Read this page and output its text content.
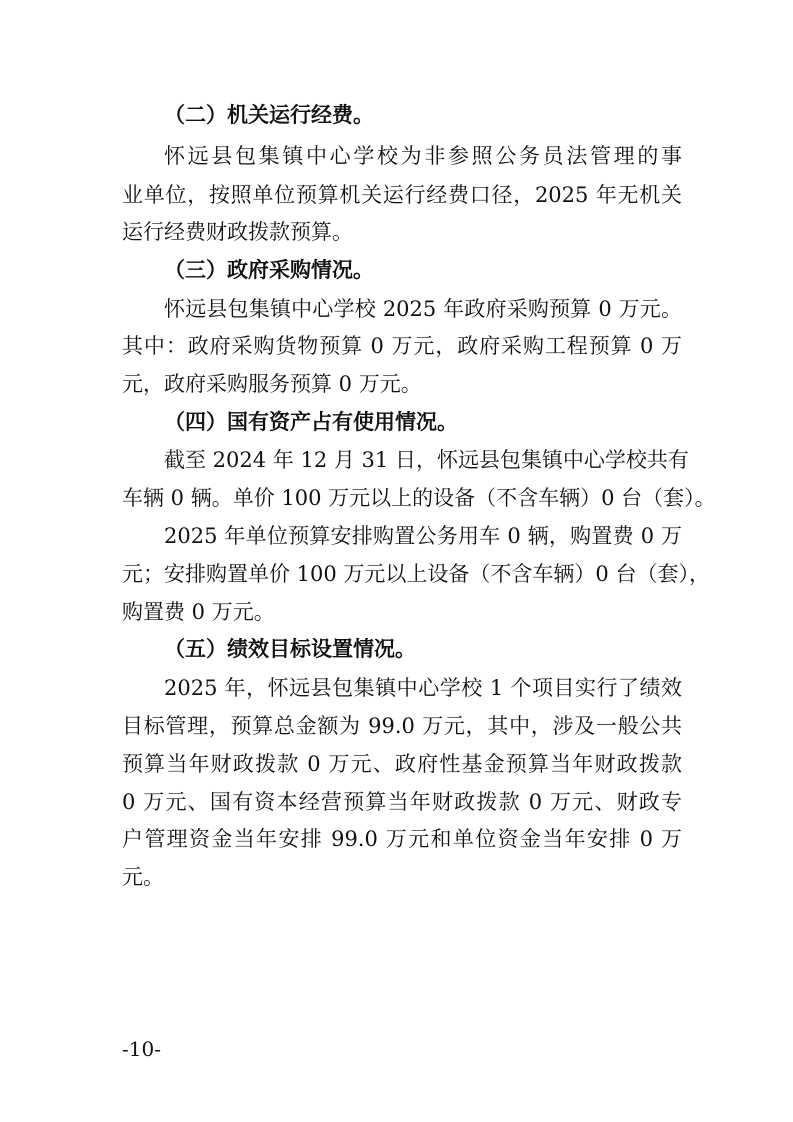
（二）机关运行经费。
怀远县包集镇中心学校为非参照公务员法管理的事
业单位，按照单位预算机关运行经费口径，2025 年无机关
运行经费财政拨款预算。
（三）政府采购情况。
怀远县包集镇中心学校 2025 年政府采购预算 0 万元。
其中：政府采购货物预算 0 万元，政府采购工程预算 0 万
元，政府采购服务预算 0 万元。
（四）国有资产占有使用情况。
截至 2024 年 12 月 31 日，怀远县包集镇中心学校共有
车辆 0 辆。单价 100 万元以上的设备（不含车辆）0 台（套）。
2025 年单位预算安排购置公务用车 0 辆，购置费 0 万
元；安排购置单价 100 万元以上设备（不含车辆）0 台（套），
购置费 0 万元。
（五）绩效目标设置情况。
2025 年，怀远县包集镇中心学校 1 个项目实行了绩效
目标管理，预算总金额为 99.0 万元，其中，涉及一般公共
预算当年财政拨款 0 万元、政府性基金预算当年财政拨款
0 万元、国有资本经营预算当年财政拨款 0 万元、财政专
户管理资金当年安排 99.0 万元和单位资金当年安排 0 万
元。
-10-
